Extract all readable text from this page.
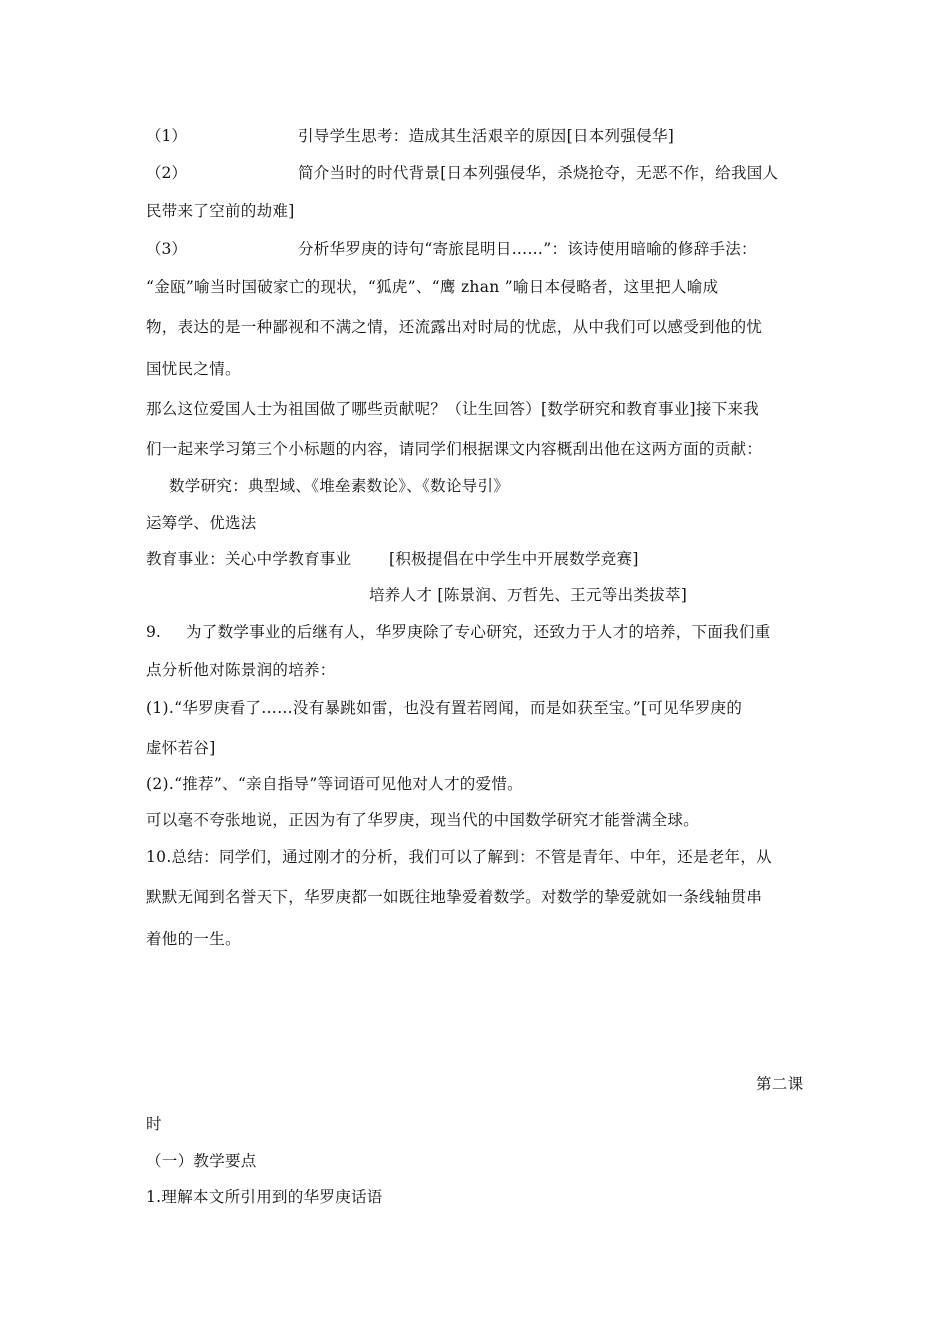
（1）	引导学生思考：造成其生活艰辛的原因[日本列强侵华]
（2）	简介当时的时代背景[日本列强侵华，杀烧抢夺，无恶不作，给我国人
民带来了空前的劫难]
（3）	分析华罗庚的诗句“寄旅昆明日……”：该诗使用暗喻的修辞手法：
“金瓯”喻当时国破家亡的现状，“狐虎”、“鹰 zhan ”喻日本侵略者，这里把人喻成
物，表达的是一种鄙视和不满之情，还流露出对时局的忧虑，从中我们可以感受到他的忧
国忧民之情。
那么这位爱国人士为祖国做了哪些贡献呢？（让生回答）[数学研究和教育事业]接下来我
们一起来学习第三个小标题的内容，请同学们根据课文内容概刮出他在这两方面的贡献：
数学研究：典型域、《堆垒素数论》、《数论导引》
运筹学、优选法
教育事业：关心中学教育事业 [积极提倡在中学生中开展数学竞赛]
培养人才 [陈景润、万哲先、王元等出类拔萃]
9. 为了数学事业的后继有人，华罗庚除了专心研究，还致力于人才的培养，下面我们重
点分析他对陈景润的培养：
(1).“华罗庚看了……没有暴跳如雷，也没有置若罔闻，而是如获至宝。”[可见华罗庚的
虚怀若谷]
(2).“推荐”、“亲自指导”等词语可见他对人才的爱惜。
可以毫不夸张地说，正因为有了华罗庚，现当代的中国数学研究才能誉满全球。
10.总结：同学们，通过刚才的分析，我们可以了解到：不管是青年、中年，还是老年，从
默默无闻到名誉天下，华罗庚都一如既往地挚爱着数学。对数学的挚爱就如一条线轴贯串
着他的一生。
第二课
时
（一）教学要点
1.理解本文所引用到的华罗庚话语
